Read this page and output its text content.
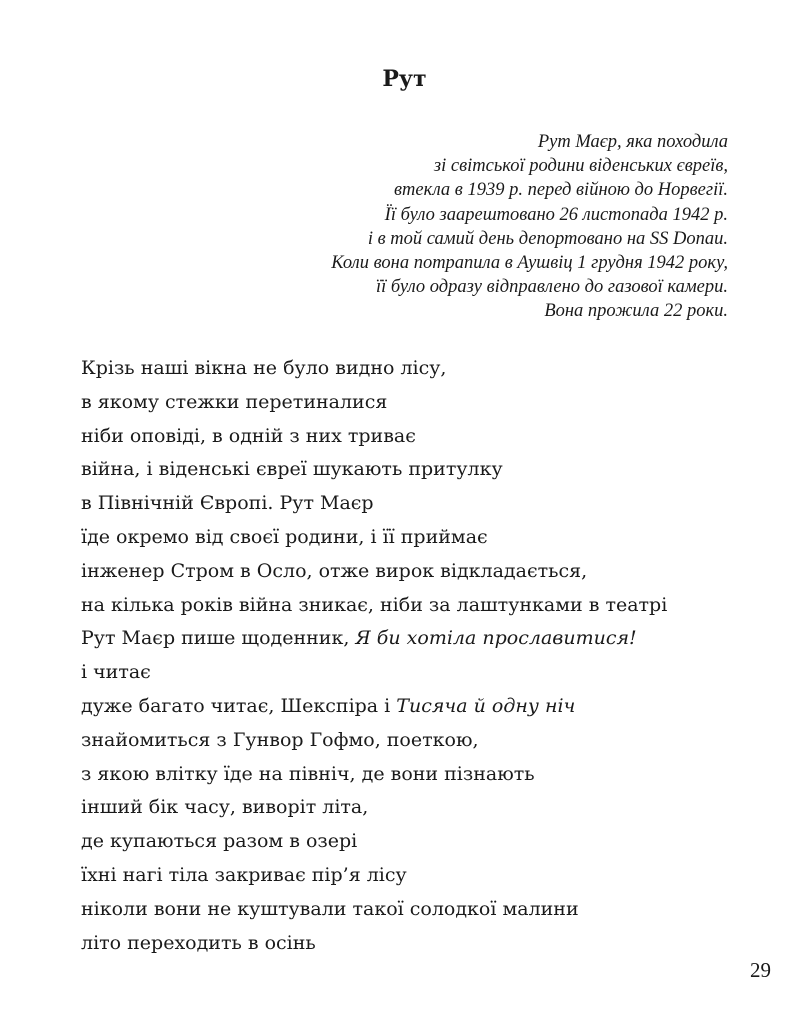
Рут
Рут Маєр, яка походила
зі світської родини віденських євреїв,
втекла в 1939 р. перед війною до Норвегії.
Її було заарештовано 26 листопада 1942 р.
і в той самий день депортовано на SS Donau.
Коли вона потрапила в Аушвіц 1 грудня 1942 року,
її було одразу відправлено до газової камери.
Вона прожила 22 роки.
Крізь наші вікна не було видно лісу,
в якому стежки перетиналися
ніби оповіді, в одній з них триває
війна, і віденські євреї шукають притулку
в Північній Європі. Рут Маєр
їде окремо від своєї родини, і її приймає
інженер Стром в Осло, отже вирок відкладається,
на кілька років війна зникає, ніби за лаштунками в театрі
Рут Маєр пише щоденник, Я би хотіла прославитися!
і читає
дуже багато читає, Шекспіра і Тисяча й одну ніч
знайомиться з Гунвор Гофмо, поеткою,
з якою влітку їде на північ, де вони пізнають
інший бік часу, виворіт літа,
де купаються разом в озері
їхні нагі тіла закриває пір’я лісу
ніколи вони не куштували такої солодкої малини
літо переходить в осінь
29
